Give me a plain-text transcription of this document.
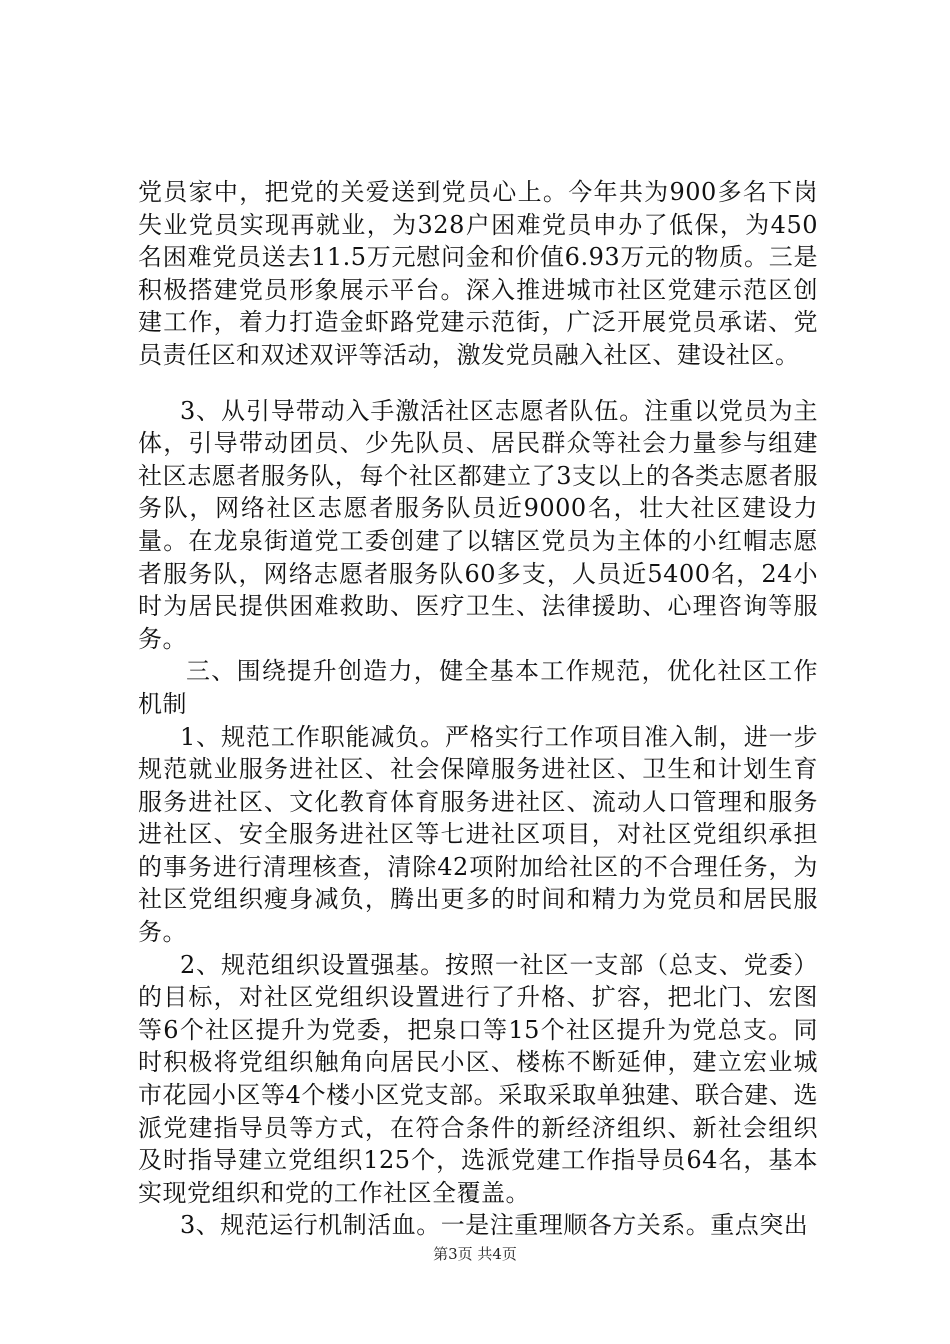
党员家中，把党的关爱送到党员心上。今年共为900多名下岗失业党员实现再就业，为328户困难党员申办了低保，为450名困难党员送去11.5万元慰问金和价值6.93万元的物质。三是积极搭建党员形象展示平台。深入推进城市社区党建示范区创建工作，着力打造金虾路党建示范街，广泛开展党员承诺、党员责任区和双述双评等活动，激发党员融入社区、建设社区。

3、从引导带动入手激活社区志愿者队伍。注重以党员为主体，引导带动团员、少先队员、居民群众等社会力量参与组建社区志愿者服务队，每个社区都建立了3支以上的各类志愿者服务队，网络社区志愿者服务队员近9000名，壮大社区建设力量。在龙泉街道党工委创建了以辖区党员为主体的小红帽志愿者服务队，网络志愿者服务队60多支，人员近5400名，24小时为居民提供困难救助、医疗卫生、法律援助、心理咨询等服务。

三、围绕提升创造力，健全基本工作规范，优化社区工作机制

1、规范工作职能减负。严格实行工作项目准入制，进一步规范就业服务进社区、社会保障服务进社区、卫生和计划生育服务进社区、文化教育体育服务进社区、流动人口管理和服务进社区、安全服务进社区等七进社区项目，对社区党组织承担的事务进行清理核查，清除42项附加给社区的不合理任务，为社区党组织瘦身减负，腾出更多的时间和精力为党员和居民服务。

2、规范组织设置强基。按照一社区一支部（总支、党委）的目标，对社区党组织设置进行了升格、扩容，把北门、宏图等6个社区提升为党委，把泉口等15个社区提升为党总支。同时积极将党组织触角向居民小区、楼栋不断延伸，建立宏业城市花园小区等4个楼小区党支部。采取采取单独建、联合建、选派党建指导员等方式，在符合条件的新经济组织、新社会组织及时指导建立党组织125个，选派党建工作指导员64名，基本实现党组织和党的工作社区全覆盖。

3、规范运行机制活血。一是注重理顺各方关系。重点突出

第3页 共4页
